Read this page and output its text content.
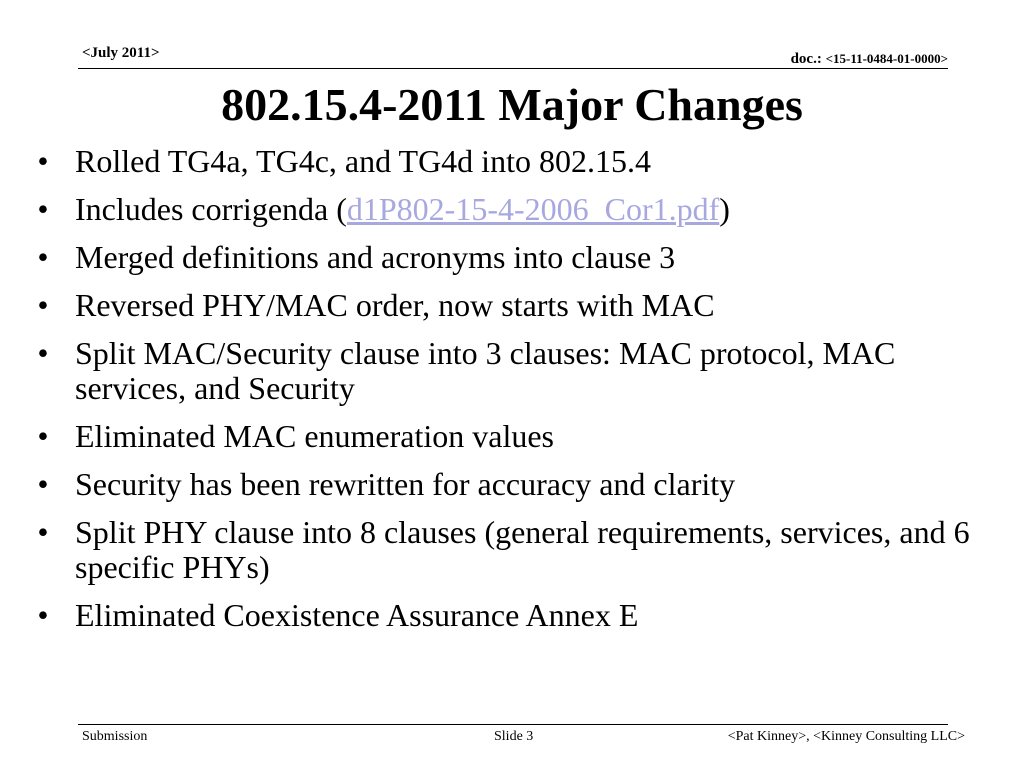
<July 2011>	doc.: <15-11-0484-01-0000>
802.15.4-2011 Major Changes
• Rolled TG4a, TG4c, and TG4d into 802.15.4
• Includes corrigenda (d1P802-15-4-2006_Cor1.pdf)
• Merged definitions and acronyms into clause 3
• Reversed PHY/MAC order, now starts with MAC
• Split MAC/Security clause into 3 clauses: MAC protocol, MAC services, and Security
• Eliminated MAC enumeration values
• Security has been rewritten for accuracy and clarity
• Split PHY clause into 8 clauses (general requirements, services, and 6 specific PHYs)
• Eliminated Coexistence Assurance Annex E
Submission	Slide 3	<Pat Kinney>, <Kinney Consulting LLC>
